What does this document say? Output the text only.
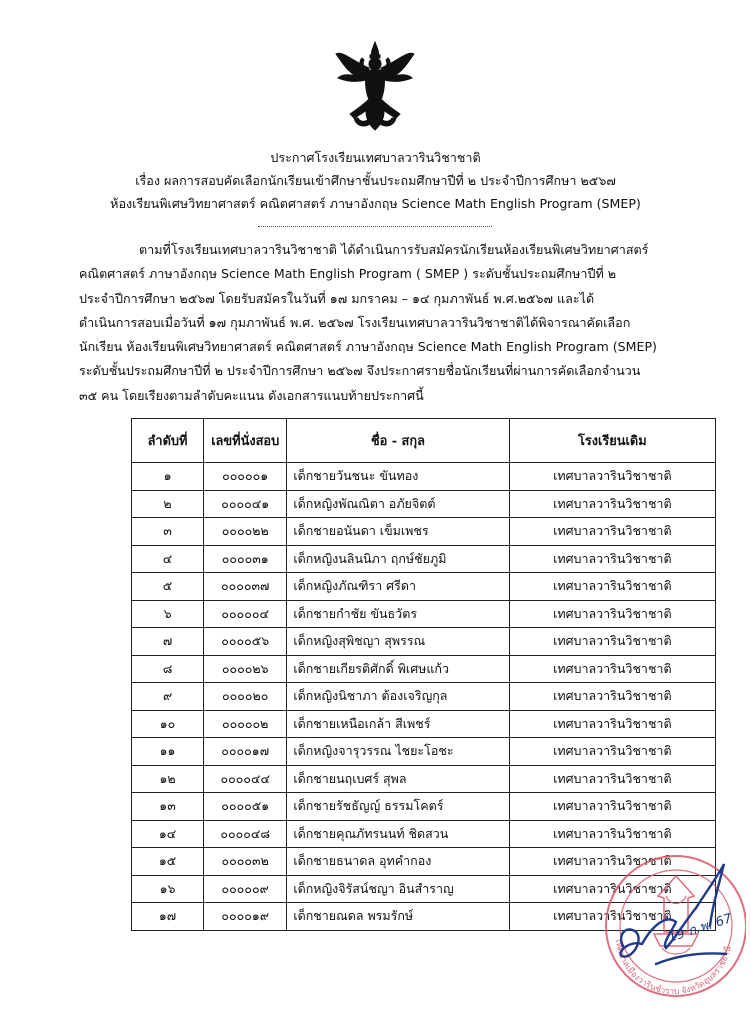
ประกาศโรงเรียนเทศบาลวารินวิชาชาติ
เรื่อง ผลการสอบคัดเลือกนักเรียนเข้าศึกษาชั้นประถมศึกษาปีที่ ๒ ประจำปีการศึกษา ๒๕๖๗
ห้องเรียนพิเศษวิทยาศาสตร์ คณิตศาสตร์ ภาษาอังกฤษ Science Math English Program (SMEP)
ตามที่โรงเรียนเทศบาลวารินวิชาชาติ ได้ดำเนินการรับสมัครนักเรียนห้องเรียนพิเศษวิทยาศาสตร์
คณิตศาสตร์ ภาษาอังกฤษ Science Math English Program ( SMEP ) ระดับชั้นประถมศึกษาปีที่ ๒
ประจำปีการศึกษา ๒๕๖๗ โดยรับสมัครในวันที่ ๑๗ มกราคม – ๑๔ กุมภาพันธ์ พ.ศ.๒๕๖๗ และได้
ดำเนินการสอบเมื่อวันที่ ๑๗ กุมภาพันธ์ พ.ศ. ๒๕๖๗ โรงเรียนเทศบาลวารินวิชาชาติได้พิจารณาคัดเลือก
นักเรียน ห้องเรียนพิเศษวิทยาศาสตร์ คณิตศาสตร์ ภาษาอังกฤษ Science Math English Program (SMEP)
ระดับชั้นประถมศึกษาปีที่ ๒ ประจำปีการศึกษา ๒๕๖๗ จึงประกาศรายชื่อนักเรียนที่ผ่านการคัดเลือกจำนวน
๓๕ คน โดยเรียงตามลำดับคะแนน ดังเอกสารแนบท้ายประกาศนี้
ลำดับที่	เลขที่นั่งสอบ	ชื่อ - สกุล	โรงเรียนเดิม
๑	๐๐๐๐๐๑	เด็กชายวันชนะ ขันทอง	เทศบาลวารินวิชาชาติ
๒	๐๐๐๐๔๑	เด็กหญิงพัณณิตา อภัยจิตต์	เทศบาลวารินวิชาชาติ
๓	๐๐๐๐๒๒	เด็กชายอนันดา เข็มเพชร	เทศบาลวารินวิชาชาติ
๔	๐๐๐๐๓๑	เด็กหญิงนลินนิภา ฤกษ์ชัยภูมิ	เทศบาลวารินวิชาชาติ
๕	๐๐๐๐๓๗	เด็กหญิงภัณฑิรา ศรีดา	เทศบาลวารินวิชาชาติ
๖	๐๐๐๐๐๔	เด็กชายกำชัย ขันธวัตร	เทศบาลวารินวิชาชาติ
๗	๐๐๐๐๕๖	เด็กหญิงสุพิชญา สุพรรณ	เทศบาลวารินวิชาชาติ
๘	๐๐๐๐๒๖	เด็กชายเกียรติศักดิ์ พิเศษแก้ว	เทศบาลวารินวิชาชาติ
๙	๐๐๐๐๒๐	เด็กหญิงนิชาภา ต้องเจริญกุล	เทศบาลวารินวิชาชาติ
๑๐	๐๐๐๐๐๒	เด็กชายเหนือเกล้า สีเพชร์	เทศบาลวารินวิชาชาติ
๑๑	๐๐๐๐๑๗	เด็กหญิงจารุวรรณ ไชยะโอชะ	เทศบาลวารินวิชาชาติ
๑๒	๐๐๐๐๔๔	เด็กชายนฤเบศร์ สุพล	เทศบาลวารินวิชาชาติ
๑๓	๐๐๐๐๕๑	เด็กชายรัชธัญญ์ ธรรมโคตร์	เทศบาลวารินวิชาชาติ
๑๔	๐๐๐๐๔๘	เด็กชายคุณภัทรนนท์ ชิดสวน	เทศบาลวารินวิชาชาติ
๑๕	๐๐๐๐๓๒	เด็กชายธนาดล อุทคำกอง	เทศบาลวารินวิชาชาติ
๑๖	๐๐๐๐๐๙	เด็กหญิงจิรัสน์ชญา อินสำราญ	เทศบาลวารินวิชาชาติ
๑๗	๐๐๐๐๑๙	เด็กชายณดล พรมรักษ์	เทศบาลวารินวิชาชาติ
เทศบาลเมืองวารินชำราบ จังหวัดอุบลราชธานี
19 ก.พ. 67
